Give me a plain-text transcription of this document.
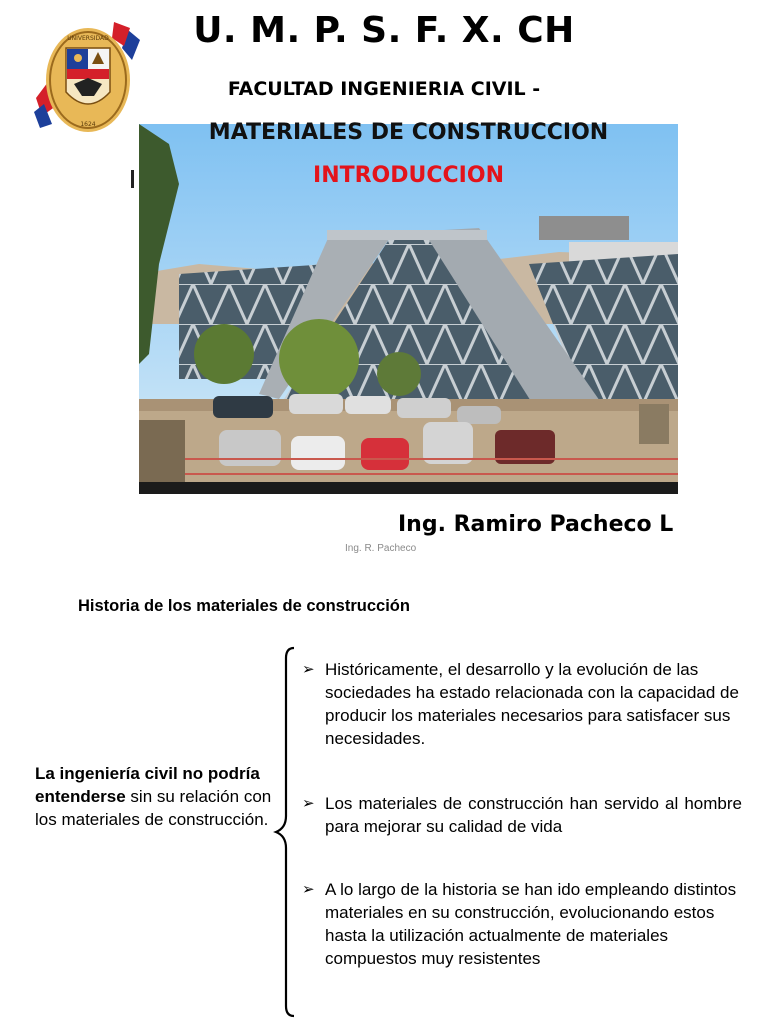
UNIVERSIDAD
1624
U. M. P. S. F. X. CH
FACULTAD INGENIERIA CIVIL -
MATERIALES DE CONSTRUCCION
INTRODUCCION
Ing. Ramiro Pacheco L
Ing. R. Pacheco
Historia de los materiales de construcción
La ingeniería civil no podría entenderse sin su relación con los materiales de construcción.
➢ Históricamente, el desarrollo y la evolución de las sociedades ha estado relacionada con la capacidad de producir los materiales necesarios para satisfacer sus necesidades.
➢ Los materiales de construcción han servido al hombre para mejorar su calidad de vida
➢ A lo largo de la historia se han ido empleando distintos materiales en su construcción, evolucionando estos hasta la utilización actualmente de materiales compuestos muy resistentes
